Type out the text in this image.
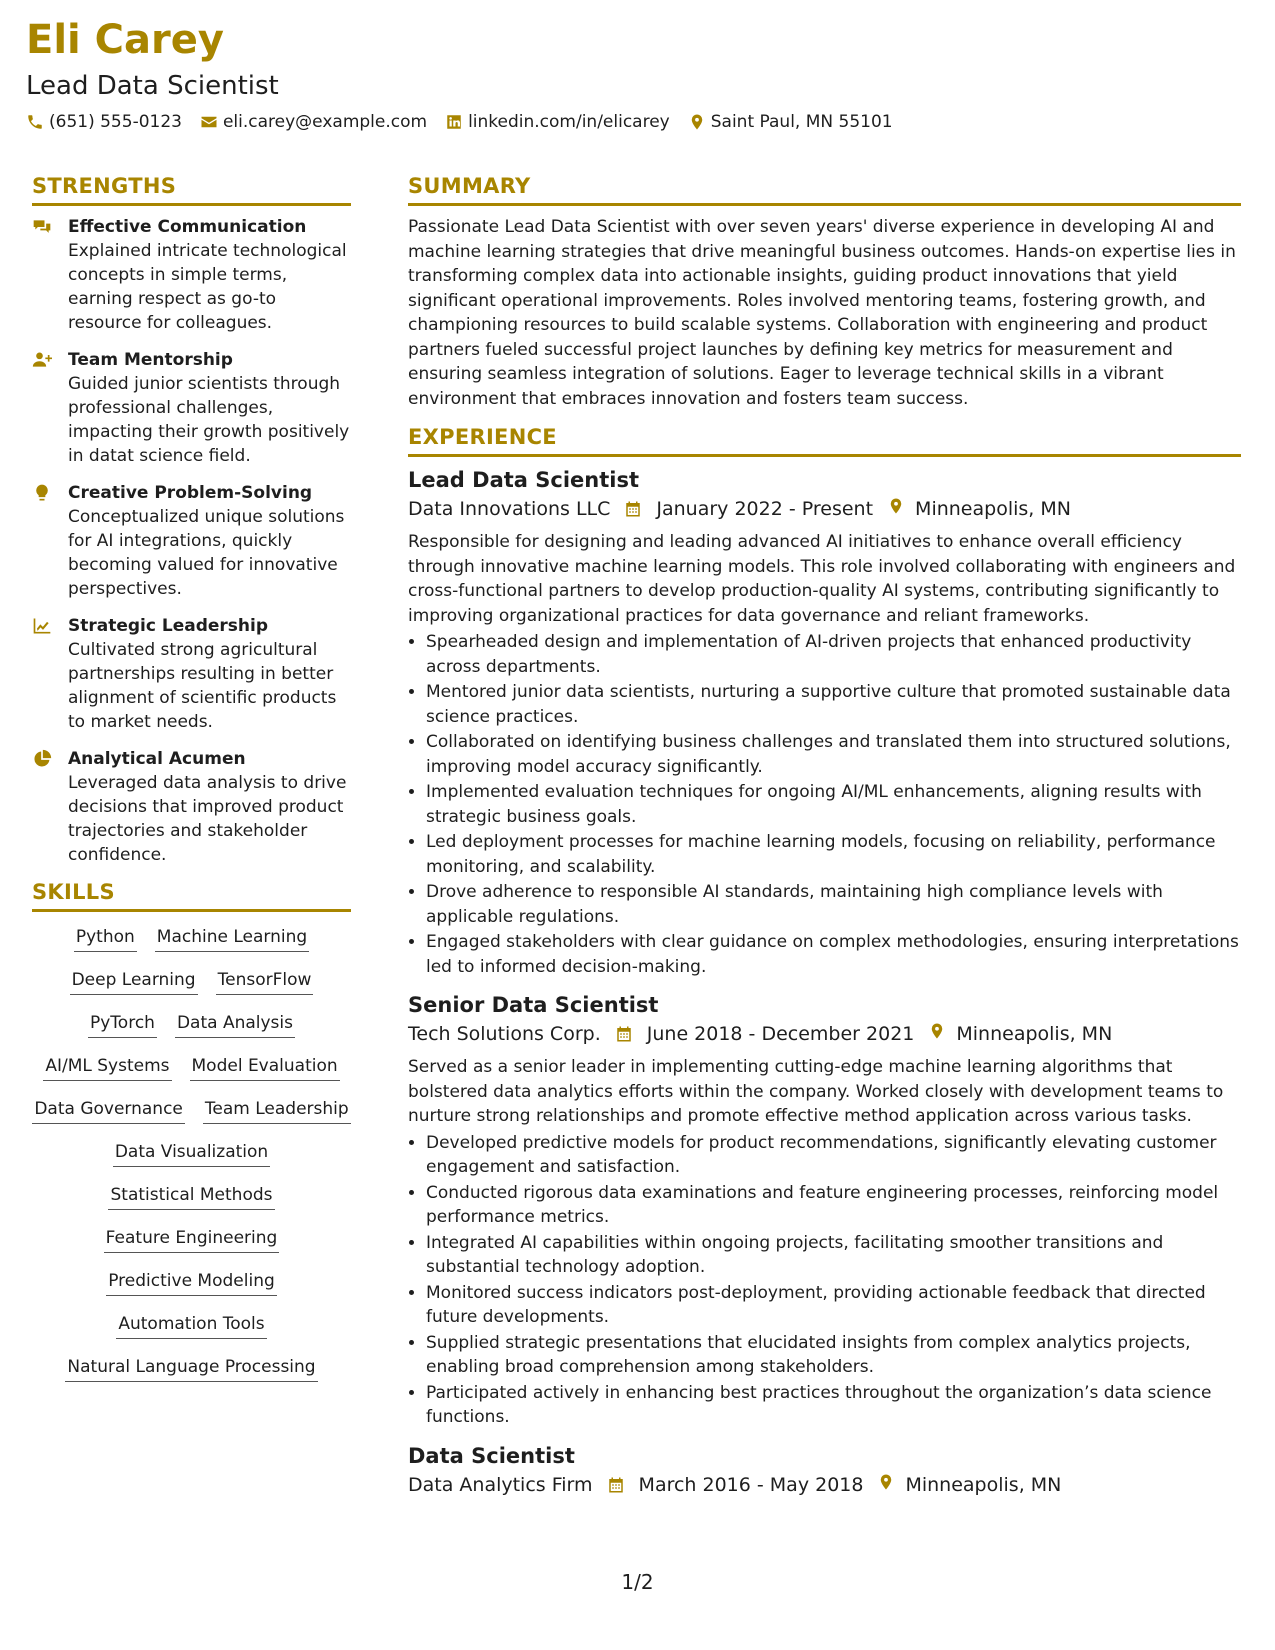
Eli Carey
Lead Data Scientist
(651) 555-0123 eli.carey@example.com linkedin.com/in/elicarey Saint Paul, MN 55101
STRENGTHS
Effective Communication
Explained intricate technological concepts in simple terms, earning respect as go-to resource for colleagues.
Team Mentorship
Guided junior scientists through professional challenges, impacting their growth positively in datat science field.
Creative Problem-Solving
Conceptualized unique solutions for AI integrations, quickly becoming valued for innovative perspectives.
Strategic Leadership
Cultivated strong agricultural partnerships resulting in better alignment of scientific products to market needs.
Analytical Acumen
Leveraged data analysis to drive decisions that improved product trajectories and stakeholder confidence.
SKILLS
Python Machine Learning
Deep Learning TensorFlow
PyTorch Data Analysis
AI/ML Systems Model Evaluation
Data Governance Team Leadership
Data Visualization
Statistical Methods
Feature Engineering
Predictive Modeling
Automation Tools
Natural Language Processing
SUMMARY

Passionate Lead Data Scientist with over seven years' diverse experience in developing AI and machine learning strategies that drive meaningful business outcomes. Hands-on expertise lies in transforming complex data into actionable insights, guiding product innovations that yield significant operational improvements. Roles involved mentoring teams, fostering growth, and championing resources to build scalable systems. Collaboration with engineering and product partners fueled successful project launches by defining key metrics for measurement and ensuring seamless integration of solutions. Eager to leverage technical skills in a vibrant environment that embraces innovation and fosters team success.

EXPERIENCE
Lead Data Scientist
Data Innovations LLC January 2022 - Present Minneapolis, MN

Responsible for designing and leading advanced AI initiatives to enhance overall efficiency through innovative machine learning models. This role involved collaborating with engineers and cross-functional partners to develop production-quality AI systems, contributing significantly to improving organizational practices for data governance and reliant frameworks.

• Spearheaded design and implementation of AI-driven projects that enhanced productivity across departments.
• Mentored junior data scientists, nurturing a supportive culture that promoted sustainable data science practices.
• Collaborated on identifying business challenges and translated them into structured solutions, improving model accuracy significantly.
• Implemented evaluation techniques for ongoing AI/ML enhancements, aligning results with strategic business goals.
• Led deployment processes for machine learning models, focusing on reliability, performance monitoring, and scalability.
• Drove adherence to responsible AI standards, maintaining high compliance levels with applicable regulations.
• Engaged stakeholders with clear guidance on complex methodologies, ensuring interpretations led to informed decision-making.
Senior Data Scientist
Tech Solutions Corp. June 2018 - December 2021 Minneapolis, MN

Served as a senior leader in implementing cutting-edge machine learning algorithms that bolstered data analytics efforts within the company. Worked closely with development teams to nurture strong relationships and promote effective method application across various tasks.

• Developed predictive models for product recommendations, significantly elevating customer engagement and satisfaction.
• Conducted rigorous data examinations and feature engineering processes, reinforcing model performance metrics.
• Integrated AI capabilities within ongoing projects, facilitating smoother transitions and substantial technology adoption.
• Monitored success indicators post-deployment, providing actionable feedback that directed future developments.
• Supplied strategic presentations that elucidated insights from complex analytics projects, enabling broad comprehension among stakeholders.
• Participated actively in enhancing best practices throughout the organization’s data science functions.
Data Scientist
Data Analytics Firm March 2016 - May 2018 Minneapolis, MN
1/2
